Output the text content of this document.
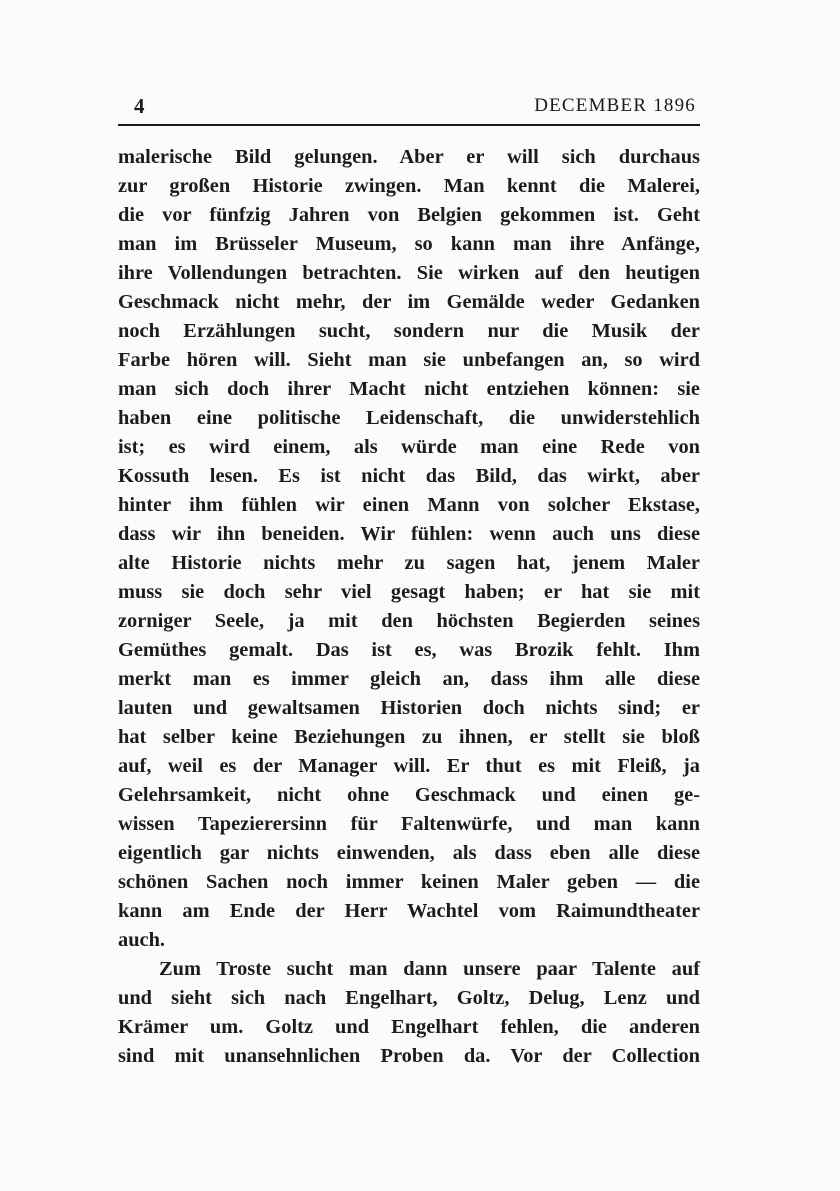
4	DECEMBER 1896
malerische Bild gelungen. Aber er will sich durchaus
zur großen Historie zwingen. Man kennt die Malerei,
die vor fünfzig Jahren von Belgien gekommen ist. Geht
man im Brüsseler Museum, so kann man ihre Anfänge,
ihre Vollendungen betrachten. Sie wirken auf den heutigen
Geschmack nicht mehr, der im Gemälde weder Gedanken
noch Erzählungen sucht, sondern nur die Musik der
Farbe hören will. Sieht man sie unbefangen an, so wird
man sich doch ihrer Macht nicht entziehen können: sie
haben eine politische Leidenschaft, die unwiderstehlich
ist; es wird einem, als würde man eine Rede von
Kossuth lesen. Es ist nicht das Bild, das wirkt, aber
hinter ihm fühlen wir einen Mann von solcher Ekstase,
dass wir ihn beneiden. Wir fühlen: wenn auch uns diese
alte Historie nichts mehr zu sagen hat, jenem Maler
muss sie doch sehr viel gesagt haben; er hat sie mit
zorniger Seele, ja mit den höchsten Begierden seines
Gemüthes gemalt. Das ist es, was Brozik fehlt. Ihm
merkt man es immer gleich an, dass ihm alle diese
lauten und gewaltsamen Historien doch nichts sind; er
hat selber keine Beziehungen zu ihnen, er stellt sie bloß
auf, weil es der Manager will. Er thut es mit Fleiß, ja
Gelehrsamkeit, nicht ohne Geschmack und einen ge-
wissen Tapezierersinn für Faltenwürfe, und man kann
eigentlich gar nichts einwenden, als dass eben alle diese
schönen Sachen noch immer keinen Maler geben — die
kann am Ende der Herr Wachtel vom Raimundtheater
auch.
Zum Troste sucht man dann unsere paar Talente auf
und sieht sich nach Engelhart, Goltz, Delug, Lenz und
Krämer um. Goltz und Engelhart fehlen, die anderen
sind mit unansehnlichen Proben da. Vor der Collection
